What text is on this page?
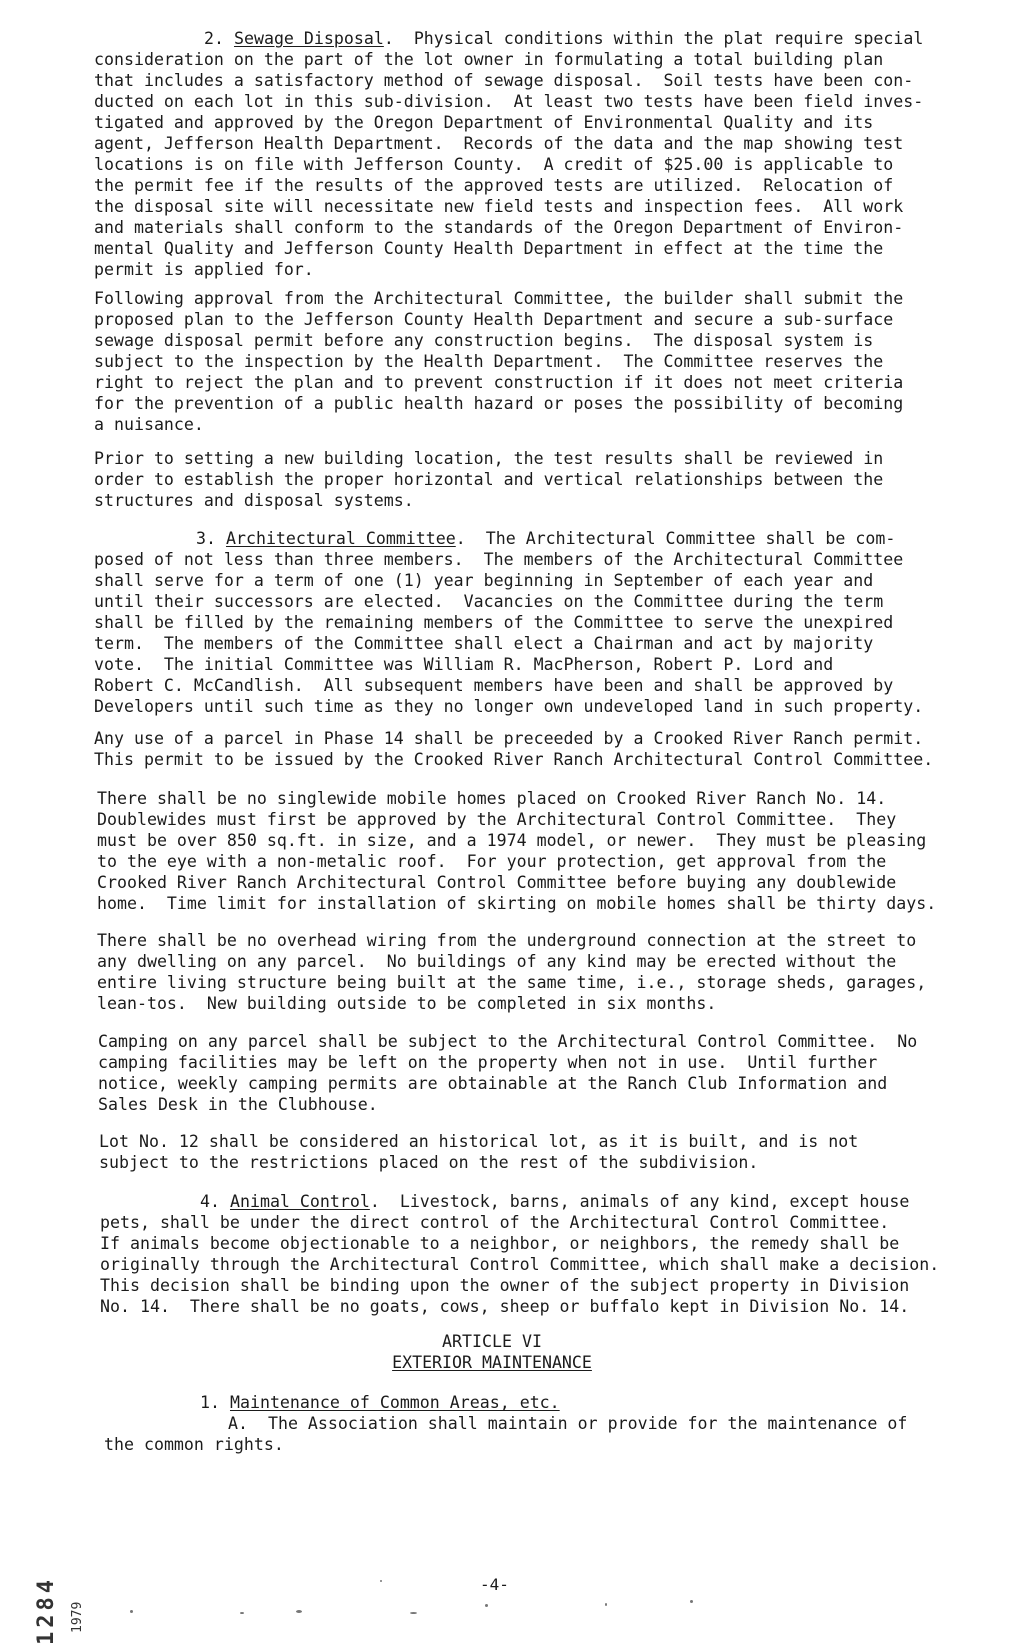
2. Sewage Disposal.  Physical conditions within the plat require special
consideration on the part of the lot owner in formulating a total building plan
that includes a satisfactory method of sewage disposal.  Soil tests have been con-
ducted on each lot in this sub-division.  At least two tests have been field inves-
tigated and approved by the Oregon Department of Environmental Quality and its
agent, Jefferson Health Department.  Records of the data and the map showing test
locations is on file with Jefferson County.  A credit of $25.00 is applicable to
the permit fee if the results of the approved tests are utilized.  Relocation of
the disposal site will necessitate new field tests and inspection fees.  All work
and materials shall conform to the standards of the Oregon Department of Environ-
mental Quality and Jefferson County Health Department in effect at the time the
permit is applied for.
Following approval from the Architectural Committee, the builder shall submit the
proposed plan to the Jefferson County Health Department and secure a sub-surface
sewage disposal permit before any construction begins.  The disposal system is
subject to the inspection by the Health Department.  The Committee reserves the
right to reject the plan and to prevent construction if it does not meet criteria
for the prevention of a public health hazard or poses the possibility of becoming
a nuisance.
Prior to setting a new building location, the test results shall be reviewed in
order to establish the proper horizontal and vertical relationships between the
structures and disposal systems.
3. Architectural Committee.  The Architectural Committee shall be com-
posed of not less than three members.  The members of the Architectural Committee
shall serve for a term of one (1) year beginning in September of each year and
until their successors are elected.  Vacancies on the Committee during the term
shall be filled by the remaining members of the Committee to serve the unexpired
term.  The members of the Committee shall elect a Chairman and act by majority
vote.  The initial Committee was William R. MacPherson, Robert P. Lord and
Robert C. McCandlish.  All subsequent members have been and shall be approved by
Developers until such time as they no longer own undeveloped land in such property.
Any use of a parcel in Phase 14 shall be preceeded by a Crooked River Ranch permit.
This permit to be issued by the Crooked River Ranch Architectural Control Committee.
There shall be no singlewide mobile homes placed on Crooked River Ranch No. 14.
Doublewides must first be approved by the Architectural Control Committee.  They
must be over 850 sq.ft. in size, and a 1974 model, or newer.  They must be pleasing
to the eye with a non-metalic roof.  For your protection, get approval from the
Crooked River Ranch Architectural Control Committee before buying any doublewide
home.  Time limit for installation of skirting on mobile homes shall be thirty days.
There shall be no overhead wiring from the underground connection at the street to
any dwelling on any parcel.  No buildings of any kind may be erected without the
entire living structure being built at the same time, i.e., storage sheds, garages,
lean-tos.  New building outside to be completed in six months.
Camping on any parcel shall be subject to the Architectural Control Committee.  No
camping facilities may be left on the property when not in use.  Until further
notice, weekly camping permits are obtainable at the Ranch Club Information and
Sales Desk in the Clubhouse.
Lot No. 12 shall be considered an historical lot, as it is built, and is not
subject to the restrictions placed on the rest of the subdivision.
4. Animal Control.  Livestock, barns, animals of any kind, except house
pets, shall be under the direct control of the Architectural Control Committee.
If animals become objectionable to a neighbor, or neighbors, the remedy shall be
originally through the Architectural Control Committee, which shall make a decision.
This decision shall be binding upon the owner of the subject property in Division
No. 14.  There shall be no goats, cows, sheep or buffalo kept in Division No. 14.
ARTICLE VI
EXTERIOR MAINTENANCE
1. Maintenance of Common Areas, etc.
A.  The Association shall maintain or provide for the maintenance of
the common rights.
-4-
1284 1979
